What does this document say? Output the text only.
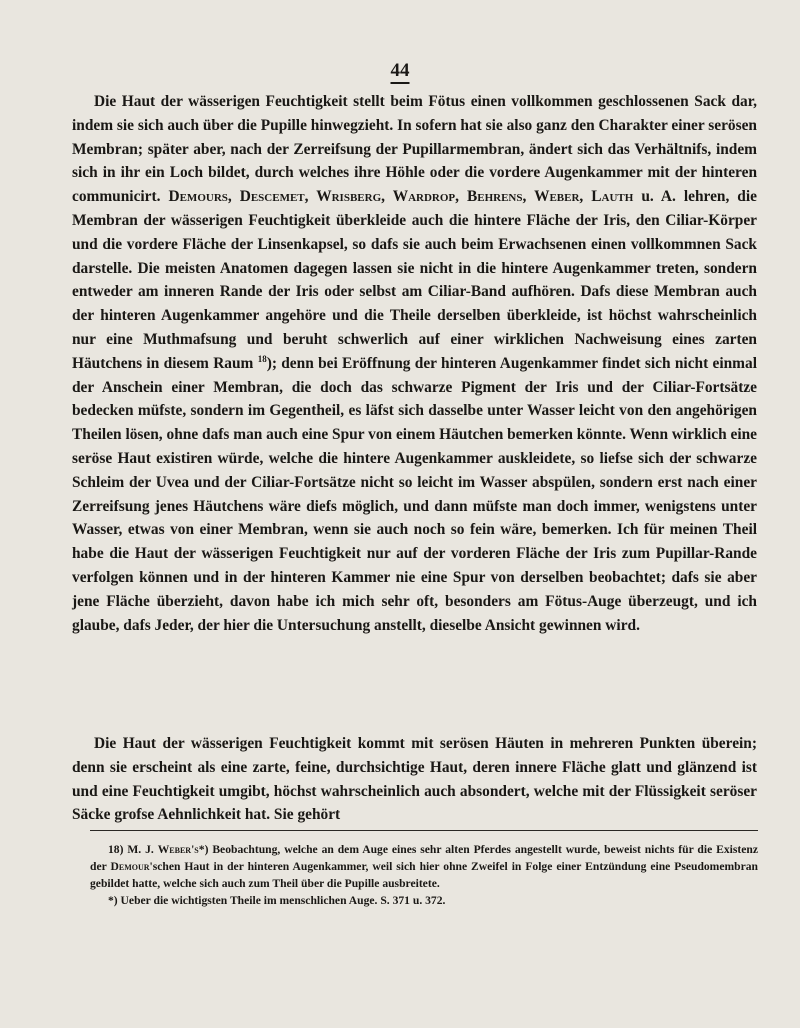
44

Die Haut der wässerigen Feuchtigkeit stellt beim Fötus einen vollkommen geschlossenen Sack dar, indem sie sich auch über die Pupille hinwegzieht. In sofern hat sie also ganz den Charakter einer serösen Membran; später aber, nach der Zerreifsung der Pupillarmembran, ändert sich das Verhältnifs, indem sich in ihr ein Loch bildet, durch welches ihre Höhle oder die vordere Augenkammer mit der hinteren communicirt. Demours, Descemet, Wrisberg, Wardrop, Behrens, Weber, Lauth u. A. lehren, die Membran der wässerigen Feuchtigkeit überkleide auch die hintere Fläche der Iris, den Ciliar-Körper und die vordere Fläche der Linsenkapsel, so dafs sie auch beim Erwachsenen einen vollkommnen Sack darstelle. Die meisten Anatomen dagegen lassen sie nicht in die hintere Augenkammer treten, sondern entweder am inneren Rande der Iris oder selbst am Ciliar-Band aufhören. Dafs diese Membran auch der hinteren Augenkammer angehöre und die Theile derselben überkleide, ist höchst wahrscheinlich nur eine Muthmafsung und beruht schwerlich auf einer wirklichen Nachweisung eines zarten Häutchens in diesem Raum $^{18}$); denn bei Eröffnung der hinteren Augenkammer findet sich nicht einmal der Anschein einer Membran, die doch das schwarze Pigment der Iris und der Ciliar-Fortsätze bedecken müfste, sondern im Gegentheil, es läfst sich dasselbe unter Wasser leicht von den angehörigen Theilen lösen, ohne dafs man auch eine Spur von einem Häutchen bemerken könnte. Wenn wirklich eine seröse Haut existiren würde, welche die hintere Augenkammer auskleidete, so liefse sich der schwarze Schleim der Uvea und der Ciliar-Fortsätze nicht so leicht im Wasser abspülen, sondern erst nach einer Zerreifsung jenes Häutchens wäre diefs möglich, und dann müfste man doch immer, wenigstens unter Wasser, etwas von einer Membran, wenn sie auch noch so fein wäre, bemerken. Ich für meinen Theil habe die Haut der wässerigen Feuchtigkeit nur auf der vorderen Fläche der Iris zum Pupillar-Rande verfolgen können und in der hinteren Kammer nie eine Spur von derselben beobachtet; dafs sie aber jene Fläche überzieht, davon habe ich mich sehr oft, besonders am Fötus-Auge überzeugt, und ich glaube, dafs Jeder, der hier die Untersuchung anstellt, dieselbe Ansicht gewinnen wird.

Die Haut der wässerigen Feuchtigkeit kommt mit serösen Häuten in mehreren Punkten überein; denn sie erscheint als eine zarte, feine, durchsichtige Haut, deren innere Fläche glatt und glänzend ist und eine Feuchtigkeit umgibt, höchst wahrscheinlich auch absondert, welche mit der Flüssigkeit seröser Säcke grofse Aehnlichkeit hat. Sie gehört

18) M. J. Weber's*) Beobachtung, welche an dem Auge eines sehr alten Pferdes angestellt wurde, beweist nichts für die Existenz der Demour'schen Haut in der hinteren Augenkammer, weil sich hier ohne Zweifel in Folge einer Entzündung eine Pseudomembran gebildet hatte, welche sich auch zum Theil über die Pupille ausbreitete.

*) Ueber die wichtigsten Theile im menschlichen Auge. S. 371 u. 372.
